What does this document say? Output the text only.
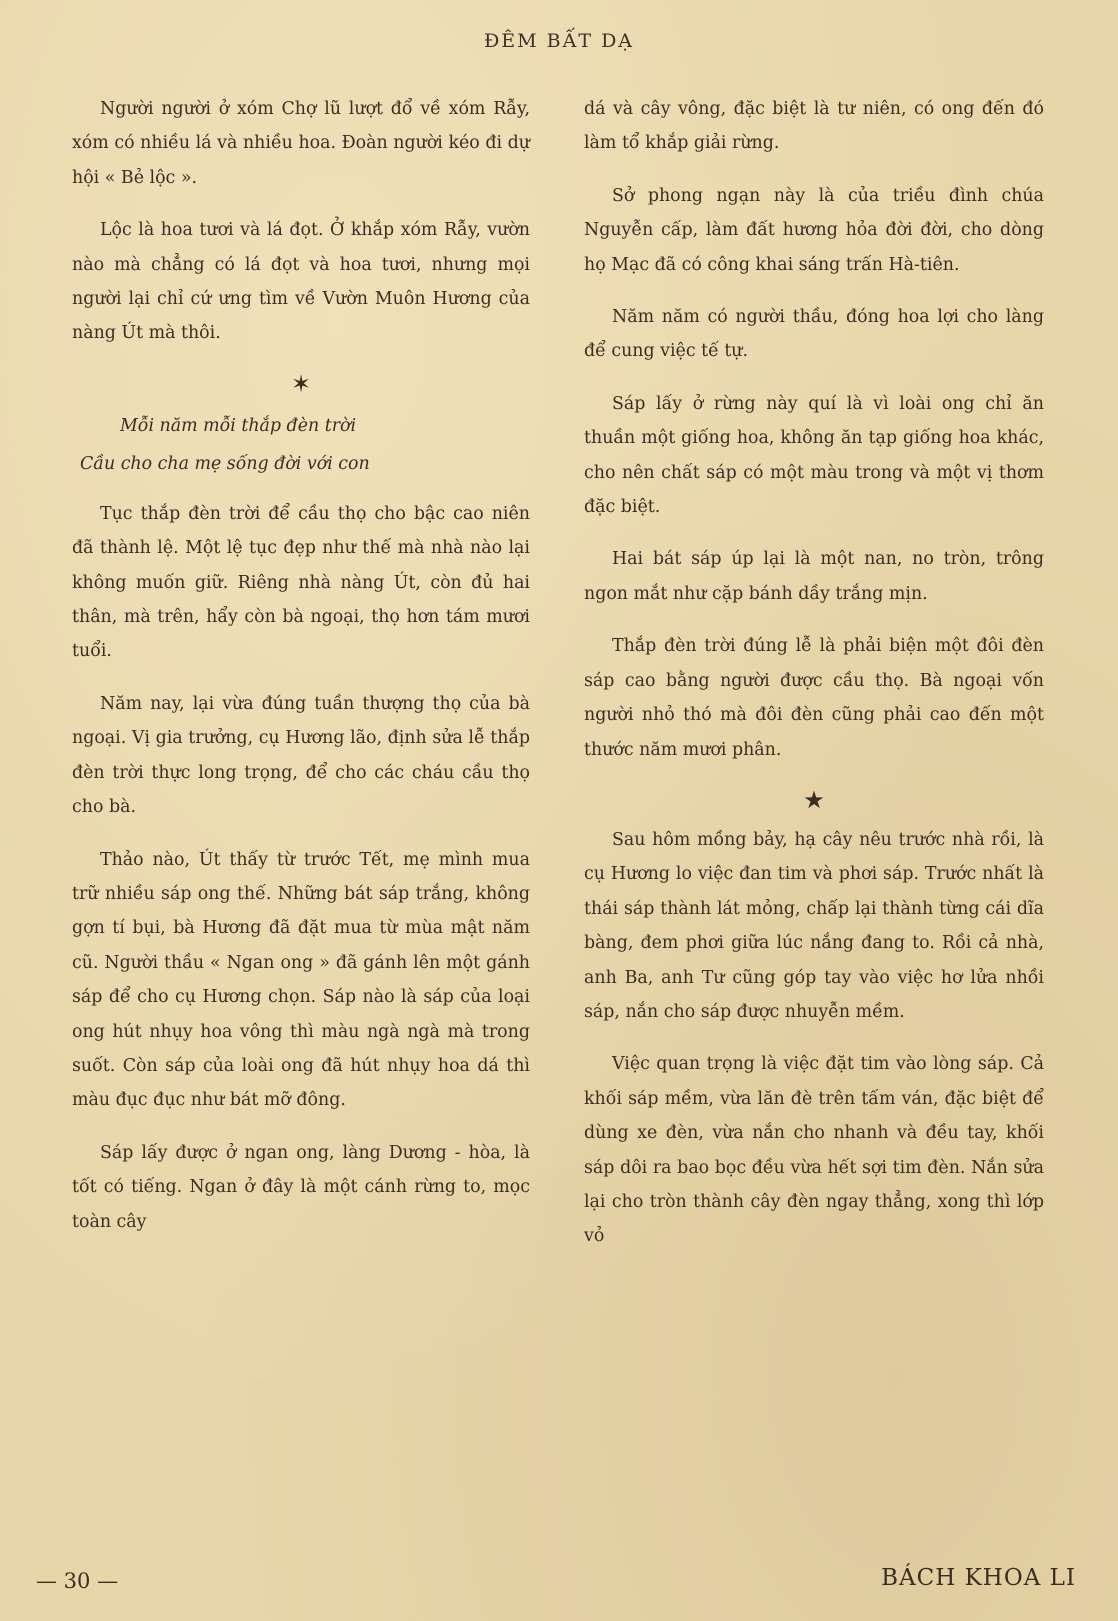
ĐÊM BẤT DẠ

Người người ở xóm Chợ lũ lượt đổ về xóm Rẫy, xóm có nhiều lá và nhiều hoa. Đoàn người kéo đi dự hội « Bẻ lộc ».

Lộc là hoa tươi và lá đọt. Ở khắp xóm Rẫy, vườn nào mà chẳng có lá đọt và hoa tươi, nhưng mọi người lại chỉ cứ ưng tìm về Vườn Muôn Hương của nàng Út mà thôi.

✶
Mỗi năm mỗi thắp đèn trời
Cầu cho cha mẹ sống đời với con

Tục thắp đèn trời để cầu thọ cho bậc cao niên đã thành lệ. Một lệ tục đẹp như thế mà nhà nào lại không muốn giữ. Riêng nhà nàng Út, còn đủ hai thân, mà trên, hẩy còn bà ngoại, thọ hơn tám mươi tuổi.

Năm nay, lại vừa đúng tuần thượng thọ của bà ngoại. Vị gia trưởng, cụ Hương lão, định sửa lễ thắp đèn trời thực long trọng, để cho các cháu cầu thọ cho bà.

Thảo nào, Út thấy từ trước Tết, mẹ mình mua trữ nhiều sáp ong thế. Những bát sáp trắng, không gợn tí bụi, bà Hương đã đặt mua từ mùa mật năm cũ. Người thầu « Ngan ong » đã gánh lên một gánh sáp để cho cụ Hương chọn. Sáp nào là sáp của loại ong hút nhụy hoa vông thì màu ngà ngà mà trong suốt. Còn sáp của loài ong đã hút nhụy hoa dá thì màu đục đục như bát mỡ đông.

Sáp lấy được ở ngan ong, làng Dương - hòa, là tốt có tiếng. Ngan ở đây là một cánh rừng to, mọc toàn cây

dá và cây vông, đặc biệt là tư niên, có ong đến đó làm tổ khắp giải rừng.

Sở phong ngạn này là của triều đình chúa Nguyễn cấp, làm đất hương hỏa đời đời, cho dòng họ Mạc đã có công khai sáng trấn Hà-tiên.

Năm năm có người thầu, đóng hoa lợi cho làng để cung việc tế tự.

Sáp lấy ở rừng này quí là vì loài ong chỉ ăn thuần một giống hoa, không ăn tạp giống hoa khác, cho nên chất sáp có một màu trong và một vị thơm đặc biệt.

Hai bát sáp úp lại là một nan, no tròn, trông ngon mắt như cặp bánh dầy trắng mịn.

Thắp đèn trời đúng lễ là phải biện một đôi đèn sáp cao bằng người được cầu thọ. Bà ngoại vốn người nhỏ thó mà đôi đèn cũng phải cao đến một thước năm mươi phân.

★

Sau hôm mồng bảy, hạ cây nêu trước nhà rồi, là cụ Hương lo việc đan tim và phơi sáp. Trước nhất là thái sáp thành lát mỏng, chấp lại thành từng cái dĩa bàng, đem phơi giữa lúc nắng đang to. Rồi cả nhà, anh Ba, anh Tư cũng góp tay vào việc hơ lửa nhồi sáp, nắn cho sáp được nhuyễn mềm.

Việc quan trọng là việc đặt tim vào lòng sáp. Cả khối sáp mềm, vừa lăn đè trên tấm ván, đặc biệt để dùng xe đèn, vừa nắn cho nhanh và đều tay, khối sáp dôi ra bao bọc đều vừa hết sợi tim đèn. Nắn sửa lại cho tròn thành cây đèn ngay thẳng, xong thì lớp vỏ

— 30 —	BÁCH KHOA LI
